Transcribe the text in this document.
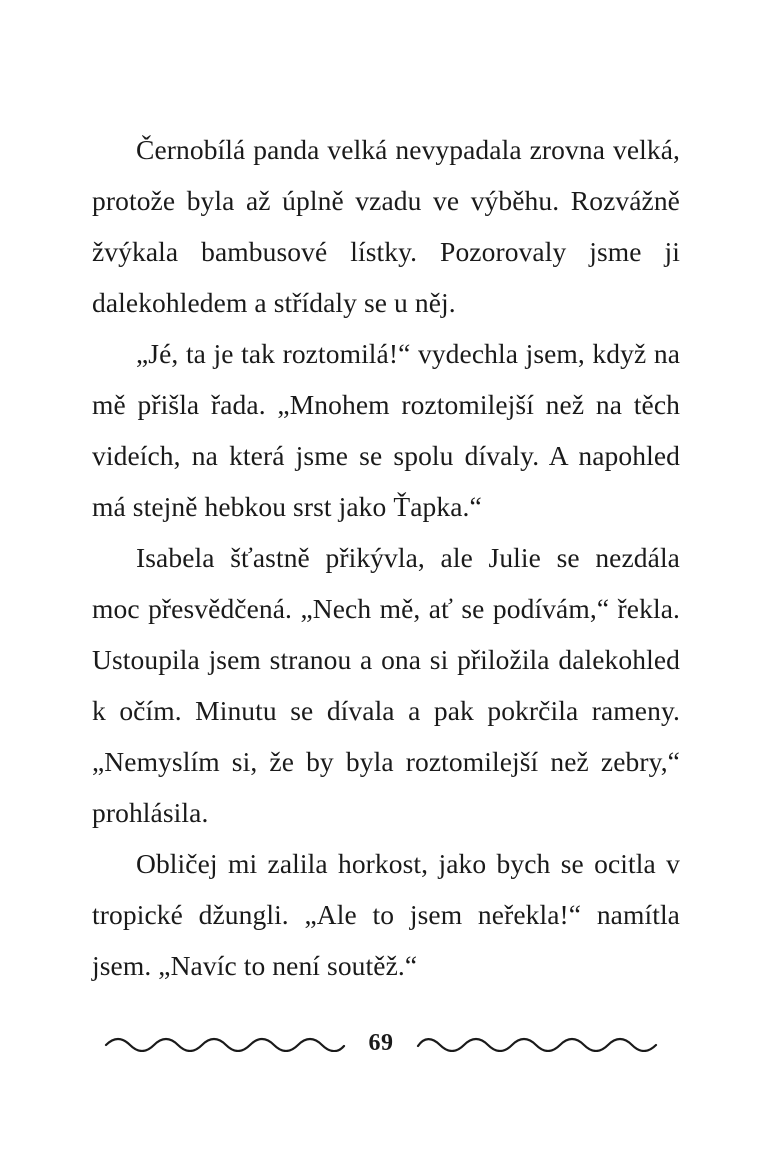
Černobílá panda velká nevypadala zrovna velká, protože byla až úplně vzadu ve výběhu. Rozvážně žvýkala bambusové lístky. Pozorovaly jsme ji dalekohledem a střídaly se u něj.

„Jé, ta je tak roztomilá!“ vydechla jsem, když na mě přišla řada. „Mnohem roztomilejší než na těch videích, na která jsme se spolu dívaly. A napohled má stejně hebkou srst jako Ťapka.“

Isabela šťastně přikývla, ale Julie se nezdála moc přesvědčená. „Nech mě, ať se podívám,“ řekla. Ustoupila jsem stranou a ona si přiložila dalekohled k očím. Minutu se dívala a pak pokrčila rameny. „Nemyslím si, že by byla roztomilejší než zebry,“ prohlásila.

Obličej mi zalila horkost, jako bych se ocitla v tropické džungli. „Ale to jsem neřekla!“ namítla jsem. „Navíc to není soutěž.“

69
